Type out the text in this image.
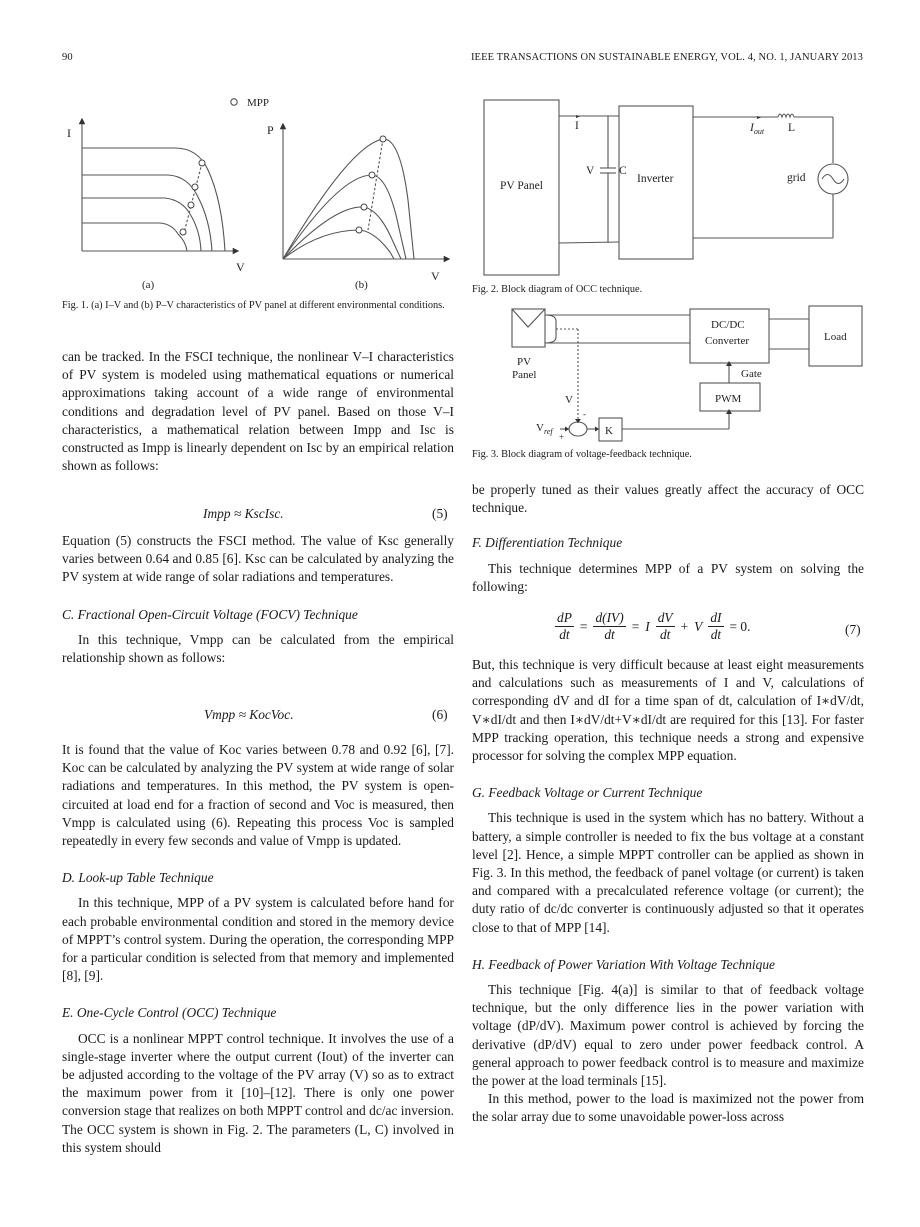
90	IEEE TRANSACTIONS ON SUSTAINABLE ENERGY, VOL. 4, NO. 1, JANUARY 2013
MPP
I
V
(a)
P
V
(b)
Fig. 1. (a) I–V and (b) P–V characteristics of PV panel at different environmental conditions.
PV Panel
I
V C
Inverter
$I_{out}$ L
grid
Fig. 2. Block diagram of OCC technique.
PV
Panel
DC/DC
Converter	Load
Gate
PWM
K
V
-
+
$V_{ref}$
Fig. 3. Block diagram of voltage-feedback technique.

can be tracked. In the FSCI technique, the nonlinear V–I characteristics of PV system is modeled using mathematical equations or numerical approximations taking account of a wide range of environmental conditions and degradation level of PV panel. Based on those V–I characteristics, a mathematical relation between Impp and Isc is constructed as Impp is linearly dependent on Isc by an empirical relation shown as follows:

Impp ≈ KscIsc.	(5)

Equation (5) constructs the FSCI method. The value of Ksc generally varies between 0.64 and 0.85 [6]. Ksc can be calculated by analyzing the PV system at wide range of solar radiations and temperatures.

C. Fractional Open-Circuit Voltage (FOCV) Technique

In this technique, Vmpp can be calculated from the empirical relationship shown as follows:

Vmpp ≈ KocVoc.	(6)

It is found that the value of Koc varies between 0.78 and 0.92 [6], [7]. Koc can be calculated by analyzing the PV system at wide range of solar radiations and temperatures. In this method, the PV system is open-circuited at load end for a fraction of second and Voc is measured, then Vmpp is calculated using (6). Repeating this process Voc is sampled repeatedly in every few seconds and value of Vmpp is updated.

D. Look-up Table Technique

In this technique, MPP of a PV system is calculated before hand for each probable environmental condition and stored in the memory device of MPPT’s control system. During the operation, the corresponding MPP for a particular condition is selected from that memory and implemented [8], [9].

E. One-Cycle Control (OCC) Technique

OCC is a nonlinear MPPT control technique. It involves the use of a single-stage inverter where the output current (Iout) of the inverter can be adjusted according to the voltage of the PV array (V) so as to extract the maximum power from it [10]–[12]. There is only one power conversion stage that realizes on both MPPT control and dc/ac inversion. The OCC system is shown in Fig. 2. The parameters (L, C) involved in this system should

be properly tuned as their values greatly affect the accuracy of OCC technique.

F. Differentiation Technique

This technique determines MPP of a PV system on solving the following:

$\frac{dP}{dt} = \frac{d(IV)}{dt} = I \frac{dV}{dt} + V \frac{dI}{dt} = 0$.	(7)

But, this technique is very difficult because at least eight measurements and calculations such as measurements of I and V, calculations of corresponding dV and dI for a time span of dt, calculation of I∗dV/dt, V∗dI/dt and then I∗dV/dt+V∗dI/dt are required for this [13]. For faster MPP tracking operation, this technique needs a strong and expensive processor for solving the complex MPP equation.

G. Feedback Voltage or Current Technique

This technique is used in the system which has no battery. Without a battery, a simple controller is needed to fix the bus voltage at a constant level [2]. Hence, a simple MPPT controller can be applied as shown in Fig. 3. In this method, the feedback of panel voltage (or current) is taken and compared with a precalculated reference voltage (or current); the duty ratio of dc/dc converter is continuously adjusted so that it operates close to that of MPP [14].

H. Feedback of Power Variation With Voltage Technique

This technique [Fig. 4(a)] is similar to that of feedback voltage technique, but the only difference lies in the power variation with voltage (dP/dV). Maximum power control is achieved by forcing the derivative (dP/dV) equal to zero under power feedback control. A general approach to power feedback control is to measure and maximize the power at the load terminals [15].

In this method, power to the load is maximized not the power from the solar array due to some unavoidable power-loss across
